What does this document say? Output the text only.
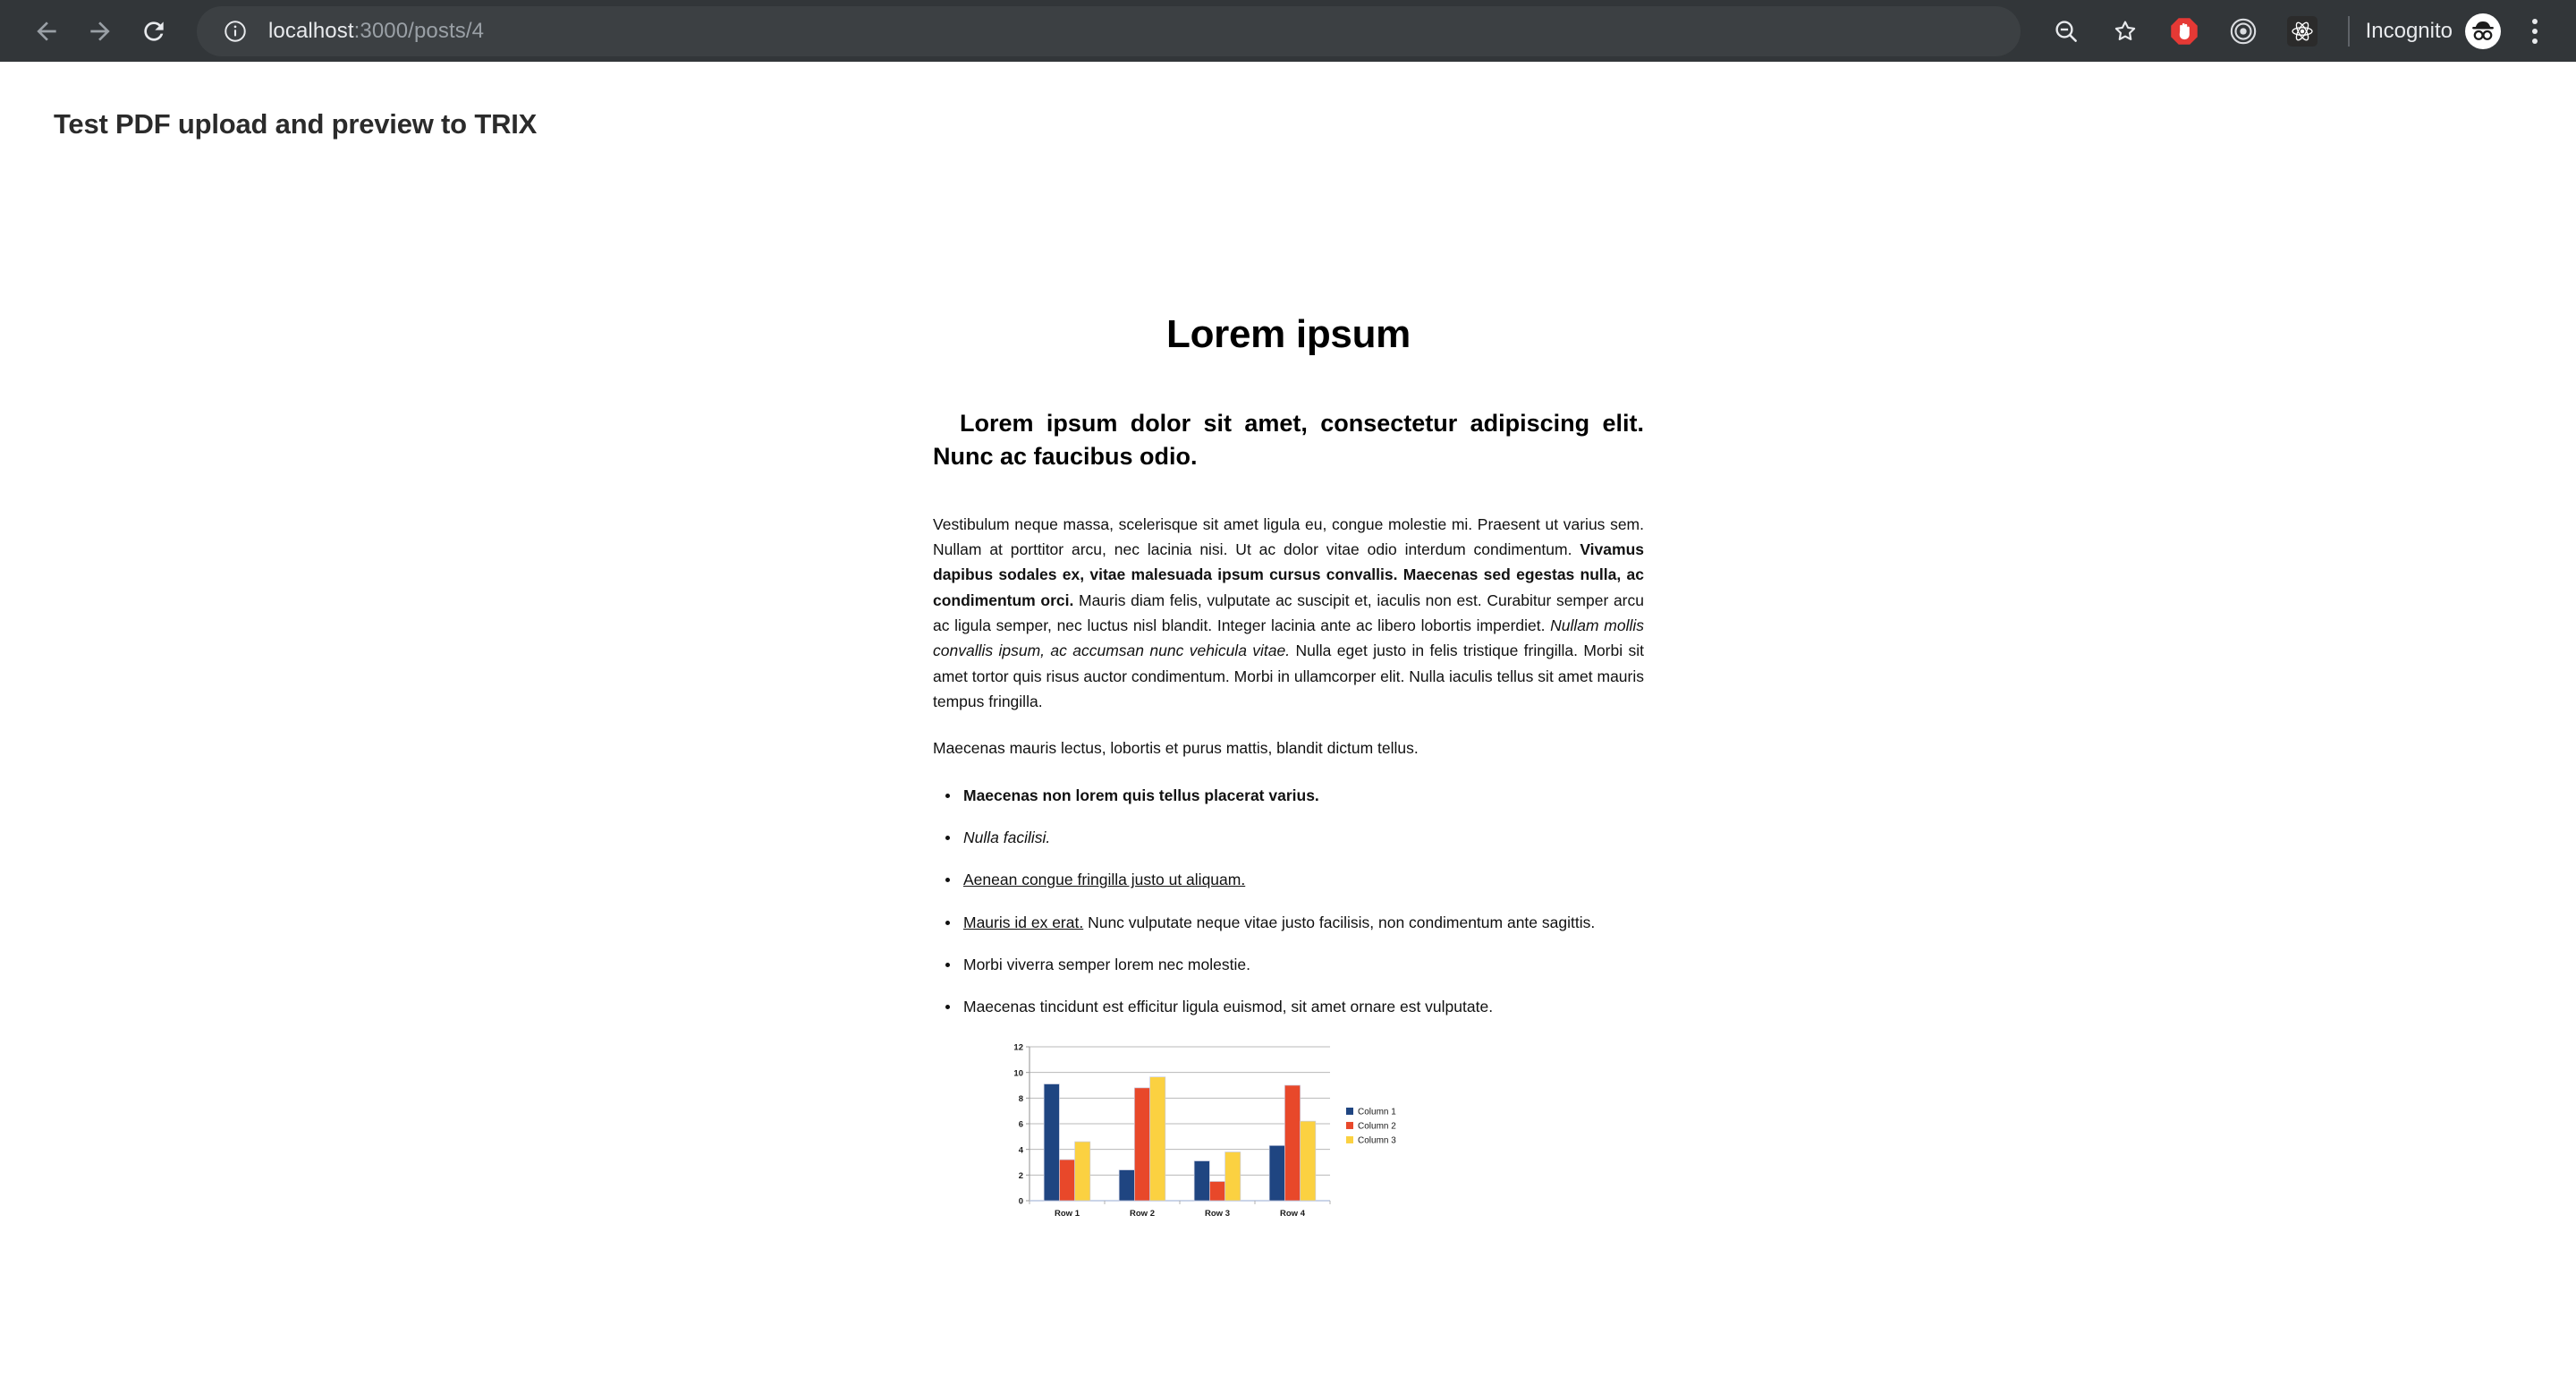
localhost:3000/posts/4	Incognito
Test PDF upload and preview to TRIX
Lorem ipsum
Lorem ipsum dolor sit amet, consectetur adipiscing elit. Nunc ac faucibus odio.

Vestibulum neque massa, scelerisque sit amet ligula eu, congue molestie mi. Praesent ut varius sem. Nullam at porttitor arcu, nec lacinia nisi. Ut ac dolor vitae odio interdum condimentum. Vivamus dapibus sodales ex, vitae malesuada ipsum cursus convallis. Maecenas sed egestas nulla, ac condimentum orci. Mauris diam felis, vulputate ac suscipit et, iaculis non est. Curabitur semper arcu ac ligula semper, nec luctus nisl blandit. Integer lacinia ante ac libero lobortis imperdiet. Nullam mollis convallis ipsum, ac accumsan nunc vehicula vitae. Nulla eget justo in felis tristique fringilla. Morbi sit amet tortor quis risus auctor condimentum. Morbi in ullamcorper elit. Nulla iaculis tellus sit amet mauris tempus fringilla.

Maecenas mauris lectus, lobortis et purus mattis, blandit dictum tellus.

Maecenas non lorem quis tellus placerat varius.
Nulla facilisi.
Aenean congue fringilla justo ut aliquam.
Mauris id ex erat. Nunc vulputate neque vitae justo facilisis, non condimentum ante sagittis.
Morbi viverra semper lorem nec molestie.
Maecenas tincidunt est efficitur ligula euismod, sit amet ornare est vulputate.
0
2
4
6
8
10
12
Row 1	Row 2	Row 3	Row 4
Column 1
Column 2
Column 3
